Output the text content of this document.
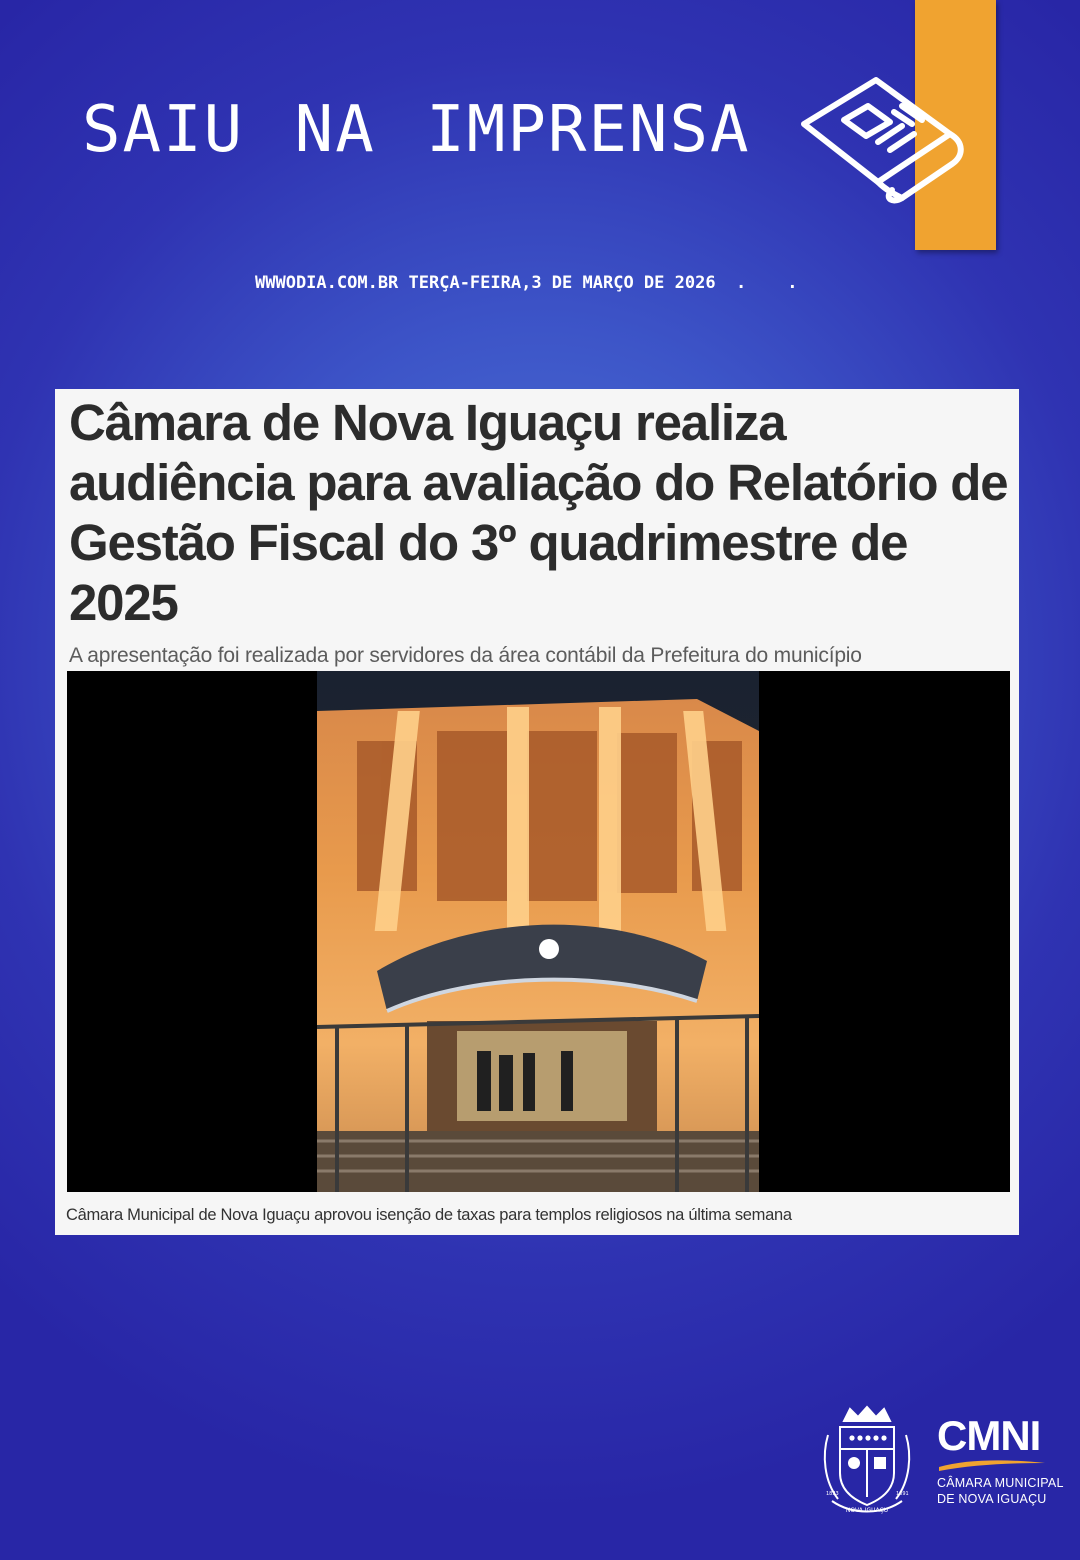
SAIU NA IMPRENSA
WWWODIA.COM.BR TERÇA-FEIRA,3 DE MARÇO DE 2026  .    .
Câmara de Nova Iguaçu realiza audiência para avaliação do Relatório de Gestão Fiscal do 3º quadrimestre de 2025
A apresentação foi realizada por servidores da área contábil da Prefeitura do município
Câmara Municipal de Nova Iguaçu aprovou isenção de taxas para templos religiosos na última semana
NOVA IGUAÇU
1833	1891
CMNI
CÂMARA MUNICIPAL DE NOVA IGUAÇU
